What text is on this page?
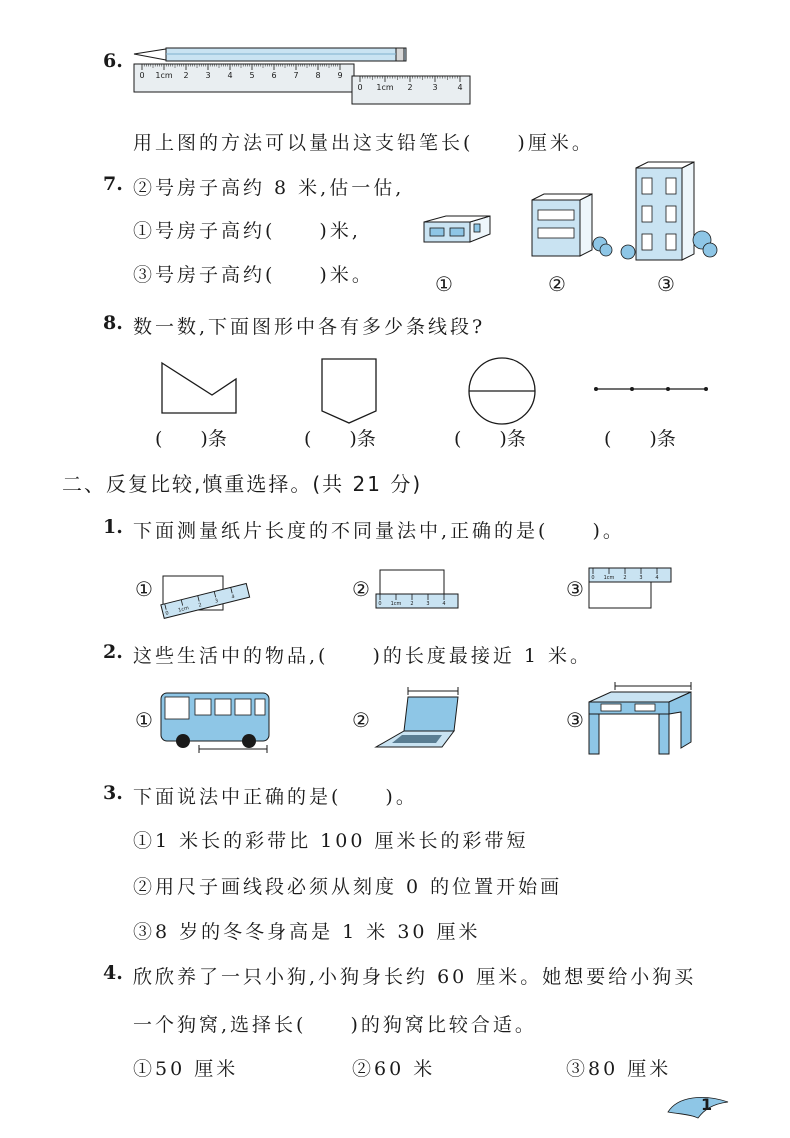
6.
0 1cm 2 3 4 5 6 7 8 9
0 1cm 2 3 4
用上图的方法可以量出这支铅笔长(　　)厘米。
7. ②号房子高约 8 米,估一估,
①号房子高约(　　)米,
③号房子高约(　　)米。	①	②	③
8. 数一数,下面图形中各有多少条线段?
(　　)条	(　　)条	(　　)条	(　　)条
二、反复比较,慎重选择。(共 21 分)
1. 下面测量纸片长度的不同量法中,正确的是(　　)。
①
0 1cm 2
3
4	②
0 1cm 2	3	4
③ 0 1cm 2	3	4
2. 这些生活中的物品,(　　)的长度最接近 1 米。
①	②	③
3. 下面说法中正确的是(　　)。
①1 米长的彩带比 100 厘米长的彩带短
②用尺子画线段必须从刻度 0 的位置开始画
③8 岁的冬冬身高是 1 米 30 厘米
4. 欣欣养了一只小狗,小狗身长约 60 厘米。她想要给小狗买
一个狗窝,选择长(　　)的狗窝比较合适。
①50 厘米	②60 米	③80 厘米
1
